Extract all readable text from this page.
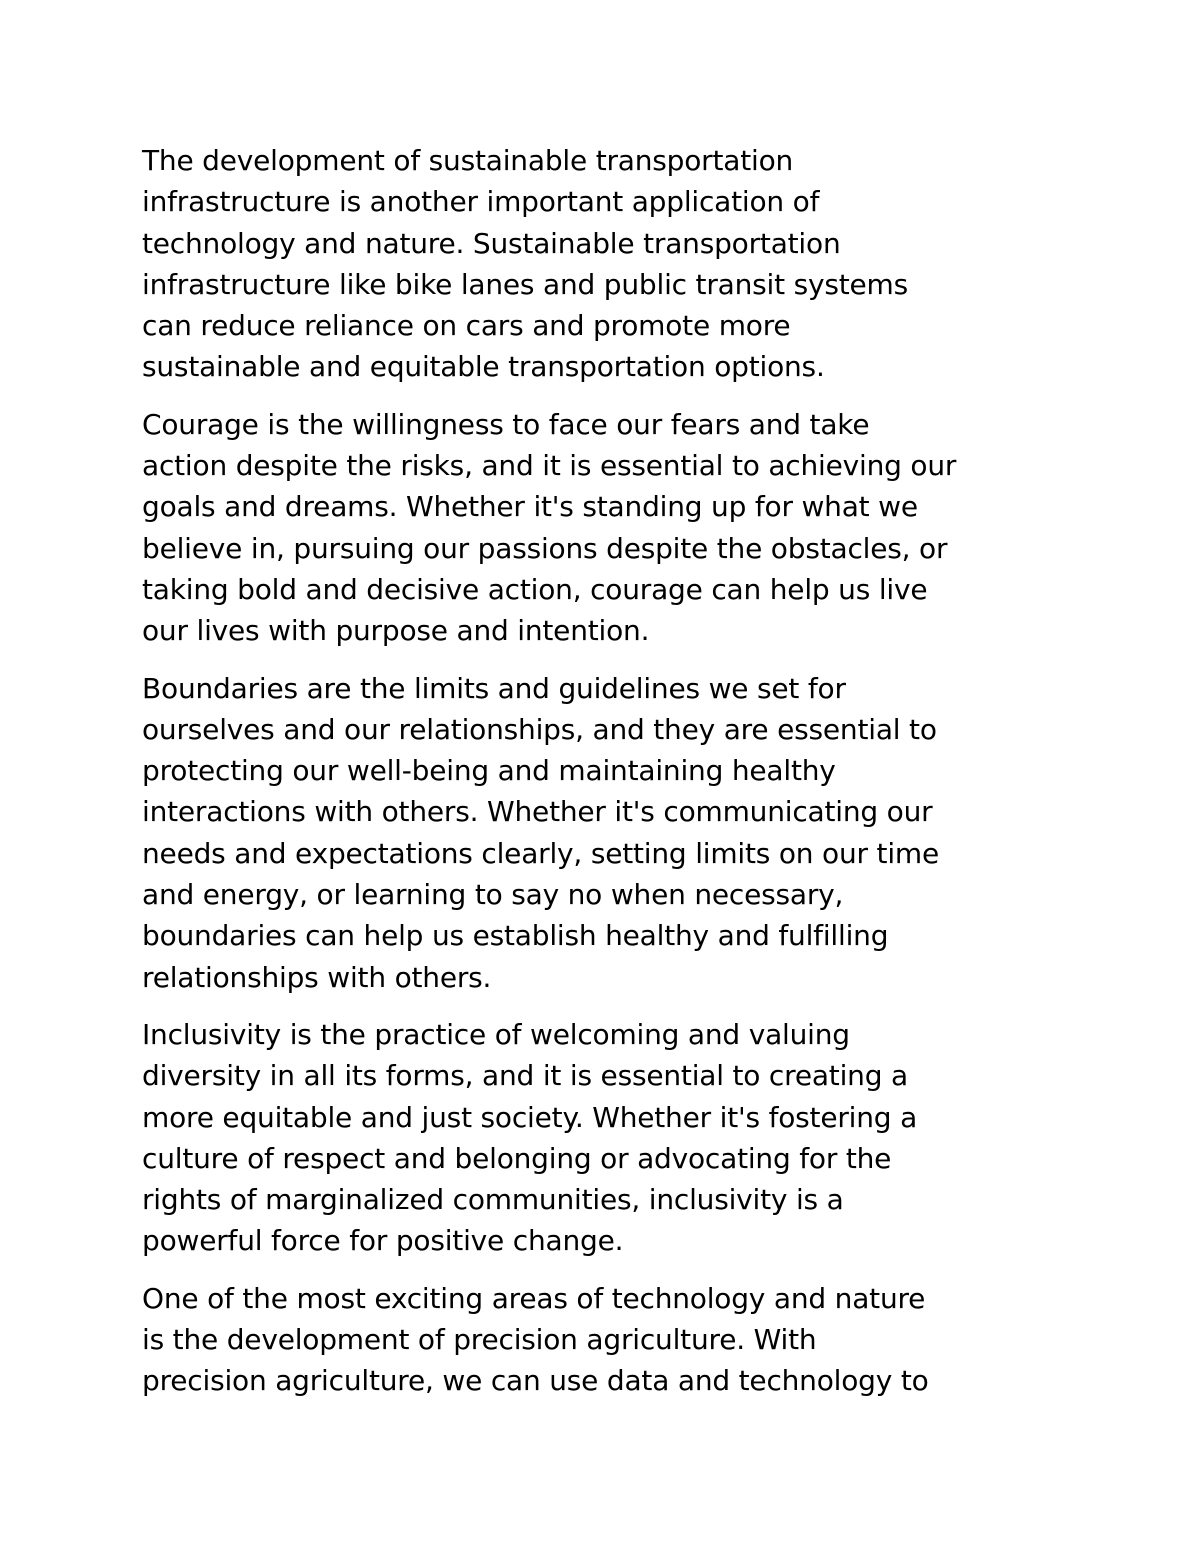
The development of sustainable transportation
infrastructure is another important application of
technology and nature. Sustainable transportation
infrastructure like bike lanes and public transit systems
can reduce reliance on cars and promote more
sustainable and equitable transportation options.

Courage is the willingness to face our fears and take
action despite the risks, and it is essential to achieving our
goals and dreams. Whether it's standing up for what we
believe in, pursuing our passions despite the obstacles, or
taking bold and decisive action, courage can help us live
our lives with purpose and intention.

Boundaries are the limits and guidelines we set for
ourselves and our relationships, and they are essential to
protecting our well-being and maintaining healthy
interactions with others. Whether it's communicating our
needs and expectations clearly, setting limits on our time
and energy, or learning to say no when necessary,
boundaries can help us establish healthy and fulfilling
relationships with others.

Inclusivity is the practice of welcoming and valuing
diversity in all its forms, and it is essential to creating a
more equitable and just society. Whether it's fostering a
culture of respect and belonging or advocating for the
rights of marginalized communities, inclusivity is a
powerful force for positive change.

One of the most exciting areas of technology and nature
is the development of precision agriculture. With
precision agriculture, we can use data and technology to
